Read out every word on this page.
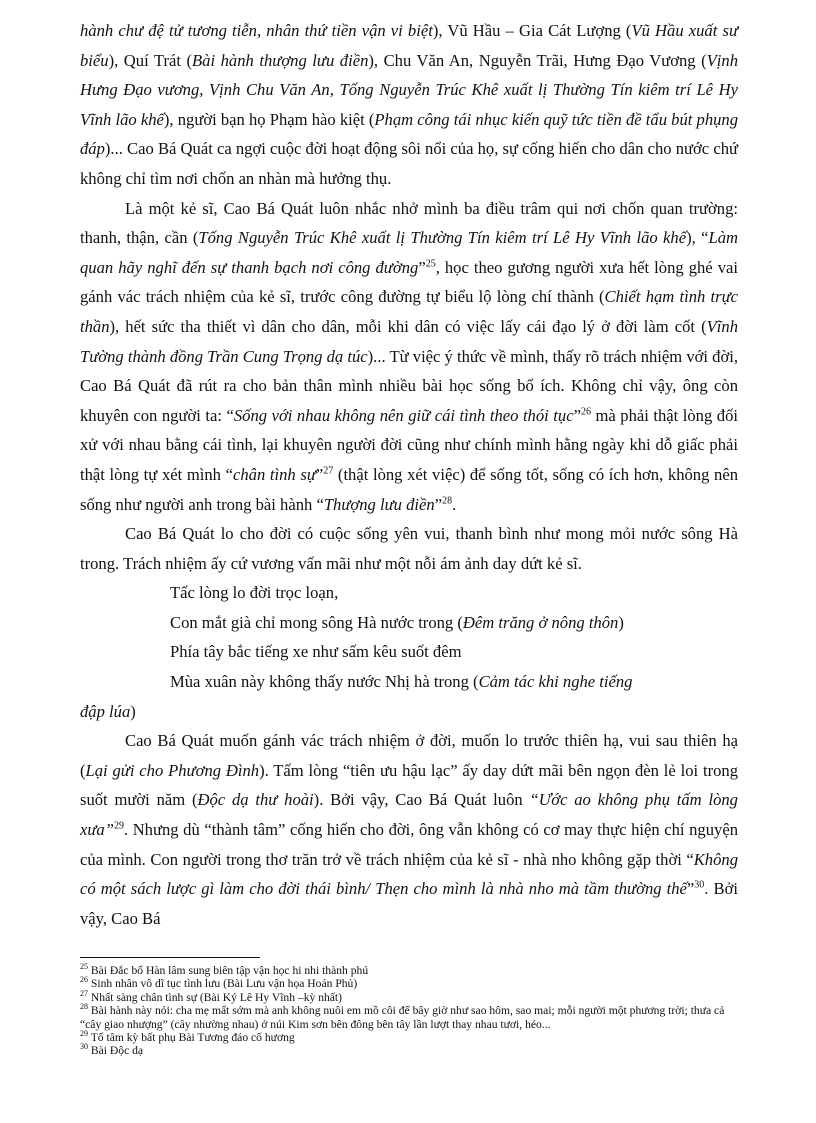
hành chư đệ tử tương tiễn, nhân thứ tiền vận vi biệt), Vũ Hầu – Gia Cát Lượng (Vũ Hầu xuất sư biểu), Quí Trát (Bài hành thượng lưu điền), Chu Văn An, Nguyễn Trãi, Hưng Đạo Vương (Vịnh Hưng Đạo vương, Vịnh Chu Văn An, Tống Nguyễn Trúc Khê xuất lị Thường Tín kiêm trí Lê Hy Vĩnh lão khế), người bạn họ Phạm hào kiệt (Phạm công tái nhục kiến quỹ tức tiền đề tẩu bút phụng đáp)... Cao Bá Quát ca ngợi cuộc đời hoạt động sôi nổi của họ, sự cống hiến cho dân cho nước chứ không chỉ tìm nơi chốn an nhàn mà hưởng thụ.

Là một kẻ sĩ, Cao Bá Quát luôn nhắc nhở mình ba điều trâm qui nơi chốn quan trường: thanh, thận, cần (Tống Nguyễn Trúc Khê xuất lị Thường Tín kiêm trí Lê Hy Vĩnh lão khế), “Làm quan hãy nghĩ đến sự thanh bạch nơi công đường”$^{25}$, học theo gương người xưa hết lòng ghé vai gánh vác trách nhiệm của kẻ sĩ, trước công đường tự biểu lộ lòng chí thành (Chiết hạm tình trực thần), hết sức tha thiết vì dân cho dân, mỗi khi dân có việc lấy cái đạo lý ở đời làm cốt (Vĩnh Tường thành đồng Trần Cung Trọng dạ túc)... Từ việc ý thức về mình, thấy rõ trách nhiệm với đời, Cao Bá Quát đã rút ra cho bản thân mình nhiều bài học sống bổ ích. Không chỉ vậy, ông còn khuyên con người ta: “Sống với nhau không nên giữ cái tình theo thói tục”$^{26}$ mà phải thật lòng đối xử với nhau bằng cái tình, lại khuyên người đời cũng như chính mình hằng ngày khi dỗ giấc phải thật lòng tự xét mình “chân tình sự”$^{27}$ (thật lòng xét việc) để sống tốt, sống có ích hơn, không nên sống như người anh trong bài hành “Thượng lưu điền”$^{28}$.

Cao Bá Quát lo cho đời có cuộc sống yên vui, thanh bình như mong mỏi nước sông Hà trong. Trách nhiệm ấy cứ vương vấn mãi như một nỗi ám ảnh day dứt kẻ sĩ.

Tấc lòng lo đời trọc loạn,
Con mắt già chỉ mong sông Hà nước trong (Đêm trăng ở nông thôn)
Phía tây bắc tiếng xe như sấm kêu suốt đêm
Mùa xuân này không thấy nước Nhị hà trong (Cảm tác khi nghe tiếng
đập lúa)

Cao Bá Quát muốn gánh vác trách nhiệm ở đời, muốn lo trước thiên hạ, vui sau thiên hạ (Lại gửi cho Phương Đình). Tấm lòng “tiên ưu hậu lạc” ấy day dứt mãi bên ngọn đèn lẻ loi trong suốt mười năm (Độc dạ thư hoài). Bởi vậy, Cao Bá Quát luôn “Ước ao không phụ tấm lòng xưa”$^{29}$. Nhưng dù “thành tâm” cống hiến cho đời, ông vẫn không có cơ may thực hiện chí nguyện của mình. Con người trong thơ trăn trở về trách nhiệm của kẻ sĩ - nhà nho không gặp thời “Không có một sách lược gì làm cho đời thái bình/ Thẹn cho mình là nhà nho mà tầm thường thế”$^{30}$. Bởi vậy, Cao Bá

$^{25}$ Bài Đắc bổ Hàn lâm sung biên tập vận học hi nhi thành phú
$^{26}$ Sinh nhân vô dĩ tục tình lưu (Bài Lưu vận họa Hoán Phủ)
$^{27}$ Nhất sàng chân tình sự (Bài Ký Lê Hy Vĩnh –kỳ nhất)
$^{28}$ Bài hành này nói: cha mẹ mất sớm mà anh không nuôi em mồ côi để bây giờ như sao hôm, sao mai; mỗi người một phương trời; thưa cả “cây giao nhượng” (cây nhường nhau) ở núi Kim sơn bên đông bên tây lần lượt thay nhau tươi, héo...
$^{29}$ Tố tâm kỳ bất phụ Bài Tương đáo cố hương
$^{30}$ Bài Độc dạ
